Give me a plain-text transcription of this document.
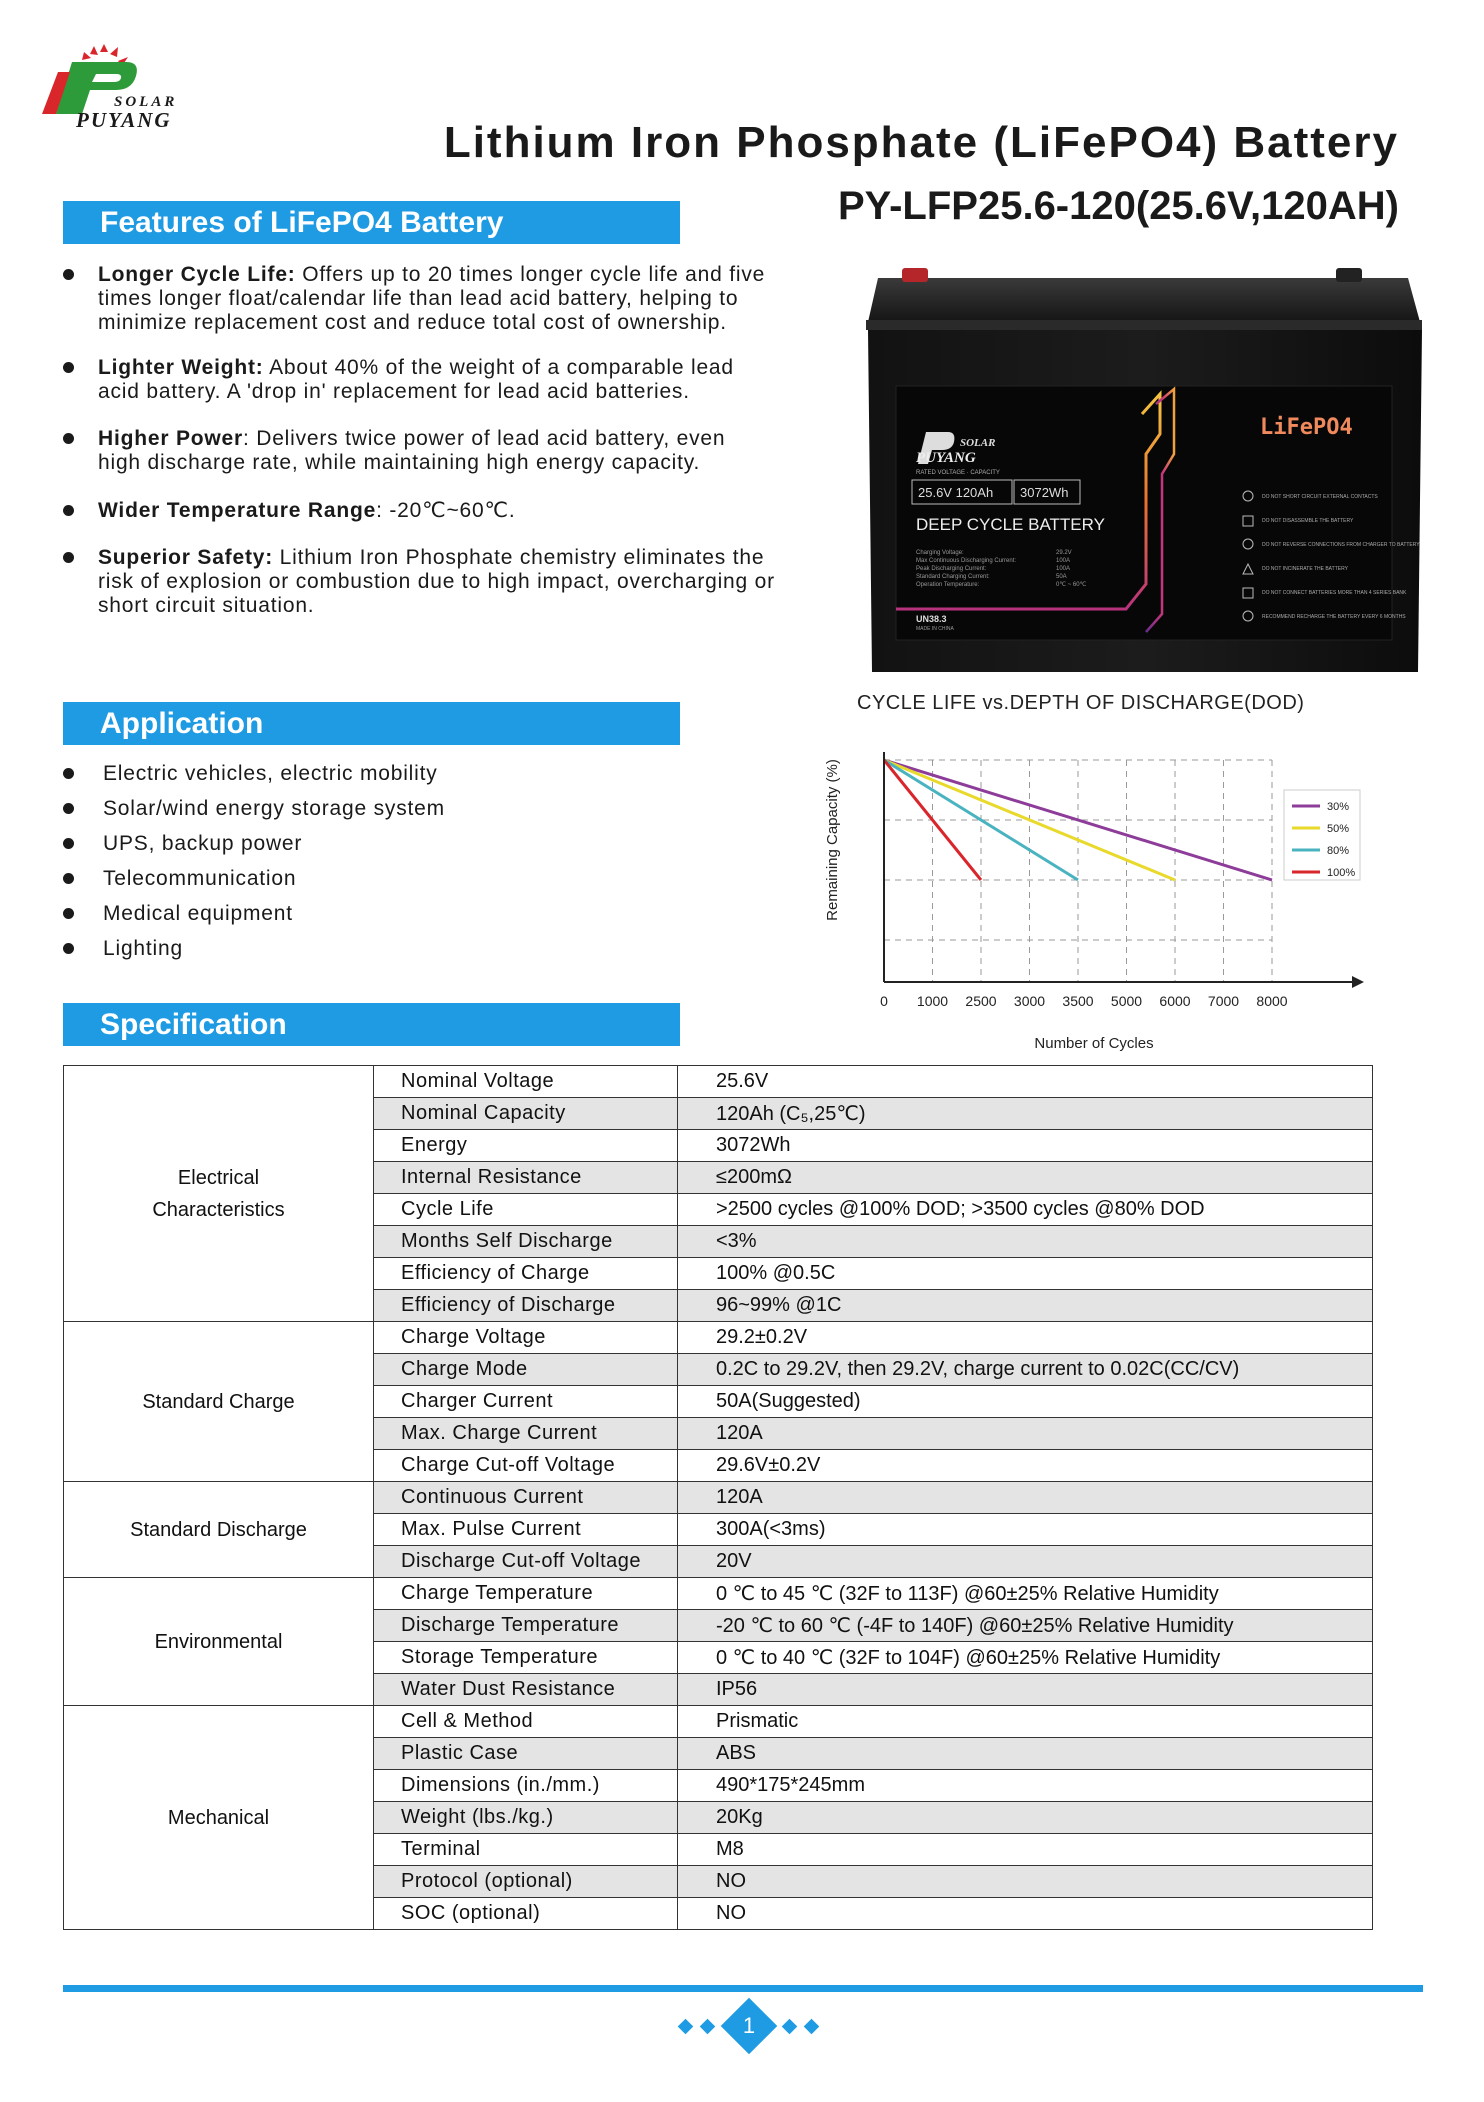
SOLAR
PUYANG	Lithium Iron Phosphate (LiFePO4) Battery
PY-LFP25.6-120(25.6V,120AH)
Features of LiFePO4 Battery
Longer Cycle Life: Offers up to 20 times longer cycle life and five times longer float/calendar life than lead acid battery, helping to minimize replacement cost and reduce total cost of ownership.
Lighter Weight: About 40% of the weight of a comparable lead acid battery. A 'drop in' replacement for lead acid batteries.
Higher Power: Delivers twice power of lead acid battery, even high discharge rate, while maintaining high energy capacity.
Wider Temperature Range: -20℃~60℃.
Superior Safety: Lithium Iron Phosphate chemistry eliminates the risk of explosion or combustion due to high impact, overcharging or short circuit situation.
Application
Electric vehicles, electric mobility
Solar/wind energy storage system
UPS, backup power
Telecommunication
Medical equipment
Lighting
Specification
SOLAR
PUYANG
RATED VOLTAGE · CAPACITY
25.6V 120Ah 3072Wh
DEEP CYCLE BATTERY
Charging Voltage:	29.2V
Max Continuous Discharging Current:	100A
Peak Discharging Current:	100A
Standard Charging Current:	50A
Operation Temperature:	0℃ ~ 60℃
UN38.3
MADE IN CHINA
LiFePO4
DO NOT SHORT CIRCUIT EXTERNAL CONTACTS
DO NOT DISASSEMBLE THE BATTERY
DO NOT REVERSE CONNECTIONS FROM CHARGER TO BATTERY
DO NOT INCINERATE THE BATTERY
DO NOT CONNECT BATTERIES MORE THAN 4 SERIES BANK
RECOMMEND RECHARGE THE BATTERY EVERY 6 MONTHS
CYCLE LIFE vs.DEPTH OF DISCHARGE(DOD)
Remaining Capacity (%)
Number of Cycles
0 1000 2500 3000 3500 5000 6000 7000 8000
30%
50%
80%
100%
Electrical
Characteristics	Nominal Voltage	25.6V
	Nominal Capacity	120Ah (C₅,25℃)
	Energy	3072Wh
	Internal Resistance	≤200mΩ
	Cycle Life	>2500 cycles @100% DOD; >3500 cycles @80% DOD
	Months Self Discharge	<3%
	Efficiency of Charge	100% @0.5C
	Efficiency of Discharge	96~99% @1C
Standard Charge	Charge Voltage	29.2±0.2V
	Charge Mode	0.2C to 29.2V, then 29.2V, charge current to 0.02C(CC/CV)
	Charger Current	50A(Suggested)
	Max. Charge Current	120A
	Charge Cut-off Voltage	29.6V±0.2V
Standard Discharge	Continuous Current	120A
	Max. Pulse Current	300A(<3ms)
	Discharge Cut-off Voltage	20V
Environmental	Charge Temperature	0 ℃ to 45 ℃ (32F to 113F) @60±25% Relative Humidity
	Discharge Temperature	-20 ℃ to 60 ℃ (-4F to 140F) @60±25% Relative Humidity
	Storage Temperature	0 ℃ to 40 ℃ (32F to 104F) @60±25% Relative Humidity
	Water Dust Resistance	IP56
Mechanical	Cell & Method	Prismatic
	Plastic Case	ABS
	Dimensions (in./mm.)	490*175*245mm
	Weight (lbs./kg.)	20Kg
	Terminal	M8
	Protocol (optional)	NO
	SOC (optional)	NO
1
